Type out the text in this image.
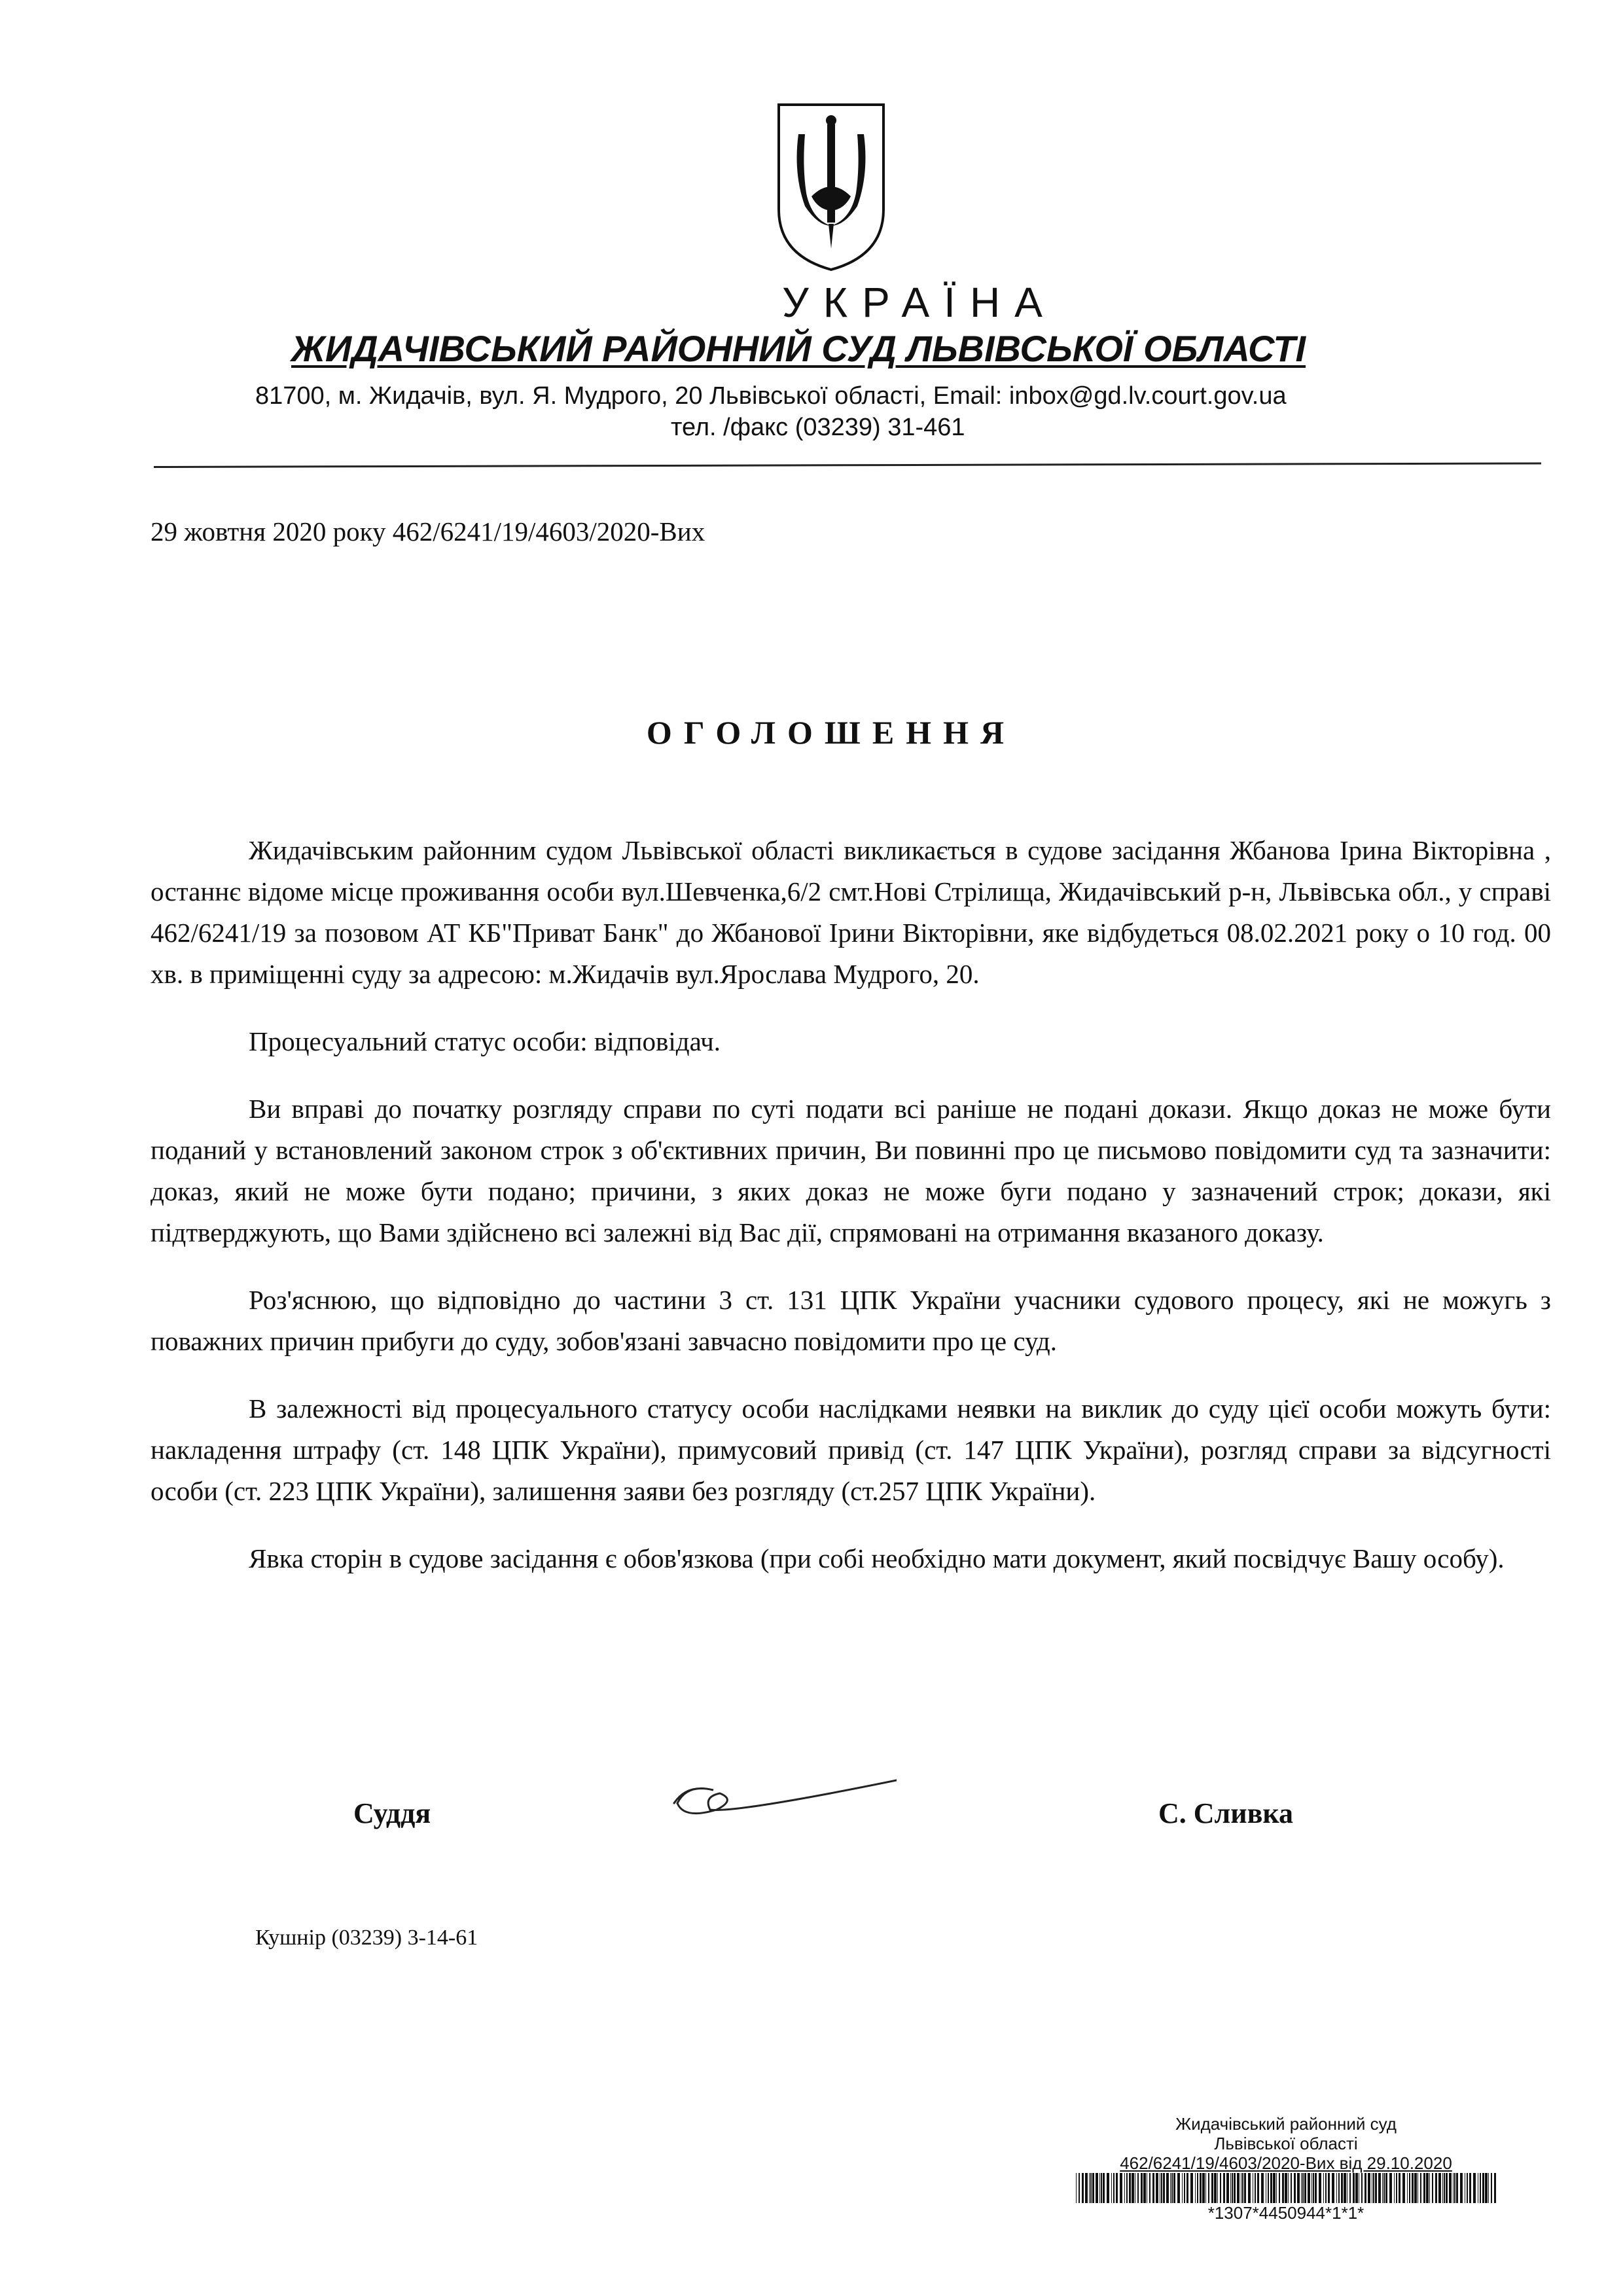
УКРАЇНА
ЖИДАЧІВСЬКИЙ РАЙОННИЙ СУД ЛЬВІВСЬКОЇ ОБЛАСТІ
81700, м. Жидачів, вул. Я. Мудрого, 20 Львівської області, Email: inbox@gd.lv.court.gov.ua
тел. /факс (03239) 31-461
29 жовтня 2020 року 462/6241/19/4603/2020-Вих
ОГОЛОШЕННЯ

Жидачівським районним судом Львівської області викликається в судове засідання Жбанова Ірина Вікторівна , останнє відоме місце проживання особи вул.Шевченка,6/2 смт.Нові Стрілища, Жидачівський р-н, Львівська обл., у справі 462/6241/19 за позовом АТ КБ"Приват Банк" до Жбанової Ірини Вікторівни, яке відбудеться 08.02.2021 року о 10 год. 00 хв. в приміщенні суду за адресою: м.Жидачів вул.Ярослава Мудрого, 20.

Процесуальний статус особи: відповідач.

Ви вправі до початку розгляду справи по суті подати всі раніше не подані докази. Якщо доказ не може бути поданий у встановлений законом строк з об'єктивних причин, Ви повинні про це письмово повідомити суд та зазначити: доказ, який не може бути подано; причини, з яких доказ не може буги подано у зазначений строк; докази, які підтверджують, що Вами здійснено всі залежні від Вас дії, спрямовані на отримання вказаного доказу.

Роз'яснюю, що відповідно до частини 3 ст. 131 ЦПК України учасники судового процесу, які не можугь з поважних причин прибуги до суду, зобов'язані завчасно повідомити про це суд.

В залежності від процесуального статусу особи наслідками неявки на виклик до суду цієї особи можуть бути: накладення штрафу (ст. 148 ЦПК України), примусовий привід (ст. 147 ЦПК України), розгляд справи за відсугності особи (ст. 223 ЦПК України), залишення заяви без розгляду (ст.257 ЦПК України).

Явка сторін в судове засідання є обов'язкова (при собі необхідно мати документ, який посвідчує Вашу особу).

Суддя	С. Сливка
Кушнір (03239) 3-14-61
Жидачівський районний суд
Львівської області
462/6241/19/4603/2020-Вих від 29.10.2020
*1307*4450944*1*1*
